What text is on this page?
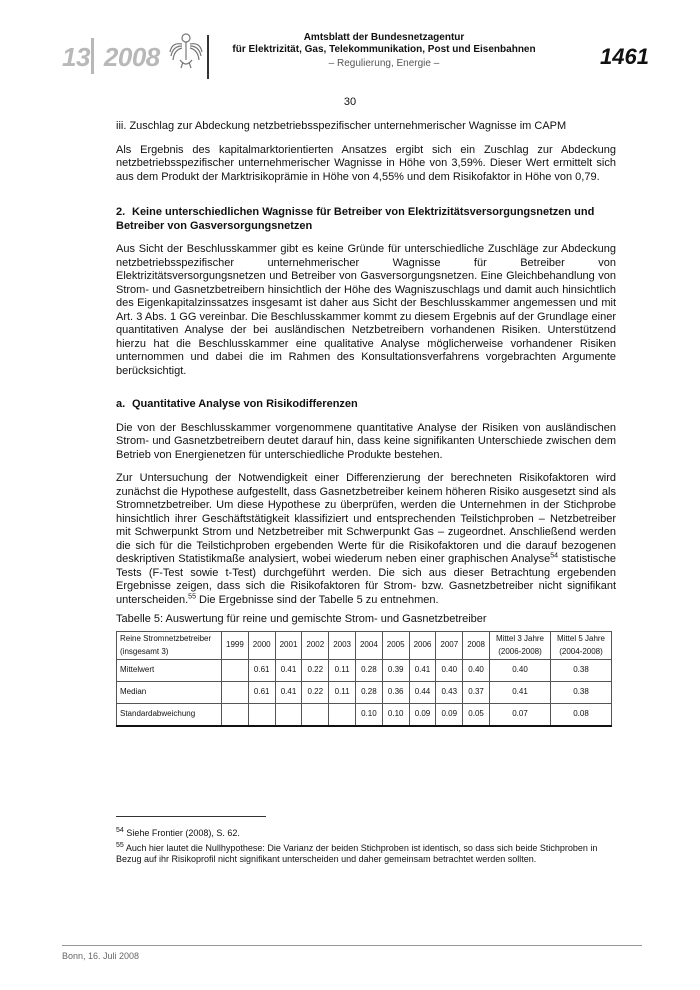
13 2008
Amtsblatt der Bundesnetzagentur
für Elektrizität, Gas, Telekommunikation, Post und Eisenbahnen
– Regulierung, Energie –	1461
30

iii. Zuschlag zur Abdeckung netzbetriebsspezifischer unternehmerischer Wagnisse im CAPM

Als Ergebnis des kapitalmarktorientierten Ansatzes ergibt sich ein Zuschlag zur Abdeckung netzbetriebsspezifischer unternehmerischer Wagnisse in Höhe von 3,59%. Dieser Wert ermittelt sich aus dem Produkt der Marktrisikoprämie in Höhe von 4,55% und dem Risikofaktor in Höhe von 0,79.

2. Keine unterschiedlichen Wagnisse für Betreiber von Elektrizitätsversorgungsnetzen und Betreiber von Gasversorgungsnetzen

Aus Sicht der Beschlusskammer gibt es keine Gründe für unterschiedliche Zuschläge zur Abdeckung netzbetriebsspezifischer unternehmerischer Wagnisse für Betreiber von Elektrizitätsversorgungsnetzen und Betreiber von Gasversorgungsnetzen. Eine Gleichbehandlung von Strom- und Gasnetzbetreibern hinsichtlich der Höhe des Wagniszuschlags und damit auch hinsichtlich des Eigenkapitalzinssatzes insgesamt ist daher aus Sicht der Beschlusskammer angemessen und mit Art. 3 Abs. 1 GG vereinbar. Die Beschlusskammer kommt zu diesem Ergebnis auf der Grundlage einer quantitativen Analyse der bei ausländischen Netzbetreibern vorhandenen Risiken. Unterstützend hierzu hat die Beschlusskammer eine qualitative Analyse möglicherweise vorhandener Risiken unternommen und dabei die im Rahmen des Konsultationsverfahrens vorgebrachten Argumente berücksichtigt.

a. Quantitative Analyse von Risikodifferenzen

Die von der Beschlusskammer vorgenommene quantitative Analyse der Risiken von ausländischen Strom- und Gasnetzbetreibern deutet darauf hin, dass keine signifikanten Unterschiede zwischen dem Betrieb von Energienetzen für unterschiedliche Produkte bestehen.

Zur Untersuchung der Notwendigkeit einer Differenzierung der berechneten Risikofaktoren wird zunächst die Hypothese aufgestellt, dass Gasnetzbetreiber keinem höheren Risiko ausgesetzt sind als Stromnetzbetreiber. Um diese Hypothese zu überprüfen, werden die Unternehmen in der Stichprobe hinsichtlich ihrer Geschäftstätigkeit klassifiziert und entsprechenden Teilstichproben – Netzbetreiber mit Schwerpunkt Strom und Netzbetreiber mit Schwerpunkt Gas – zugeordnet. Anschließend werden die sich für die Teilstichproben ergebenden Werte für die Risikofaktoren und die darauf bezogenen deskriptiven Statistikmaße analysiert, wobei wiederum neben einer graphischen Analyse$^{54}$ statistische Tests (F-Test sowie t-Test) durchgeführt werden. Die sich aus dieser Betrachtung ergebenden Ergebnisse zeigen, dass sich die Risikofaktoren für Strom- bzw. Gasnetzbetreiber nicht signifikant unterscheiden.$^{55}$ Die Ergebnisse sind der Tabelle 5 zu entnehmen.

Tabelle 5: Auswertung für reine und gemischte Strom- und Gasnetzbetreiber
Reine Stromnetzbetreiber (insgesamt 3)	1999	2000	2001	2002	2003	2004	2005	2006	2007	2008	Mittel 3 Jahre (2006-2008)	Mittel 5 Jahre (2004-2008)
Mittelwert		0.61	0.41	0.22	0.11	0.28	0.39	0.41	0.40	0.40	0.40	0.38
Median		0.61	0.41	0.22	0.11	0.28	0.36	0.44	0.43	0.37	0.41	0.38
Standardabweichung						0.10	0.10	0.09	0.09	0.05	0.07	0.08

$^{54}$ Siehe Frontier (2008), S. 62.

$^{55}$ Auch hier lautet die Nullhypothese: Die Varianz der beiden Stichproben ist identisch, so dass sich beide Stichproben in Bezug auf ihr Risikoprofil nicht signifikant unterscheiden und daher gemeinsam betrachtet werden sollten.

Bonn, 16. Juli 2008
